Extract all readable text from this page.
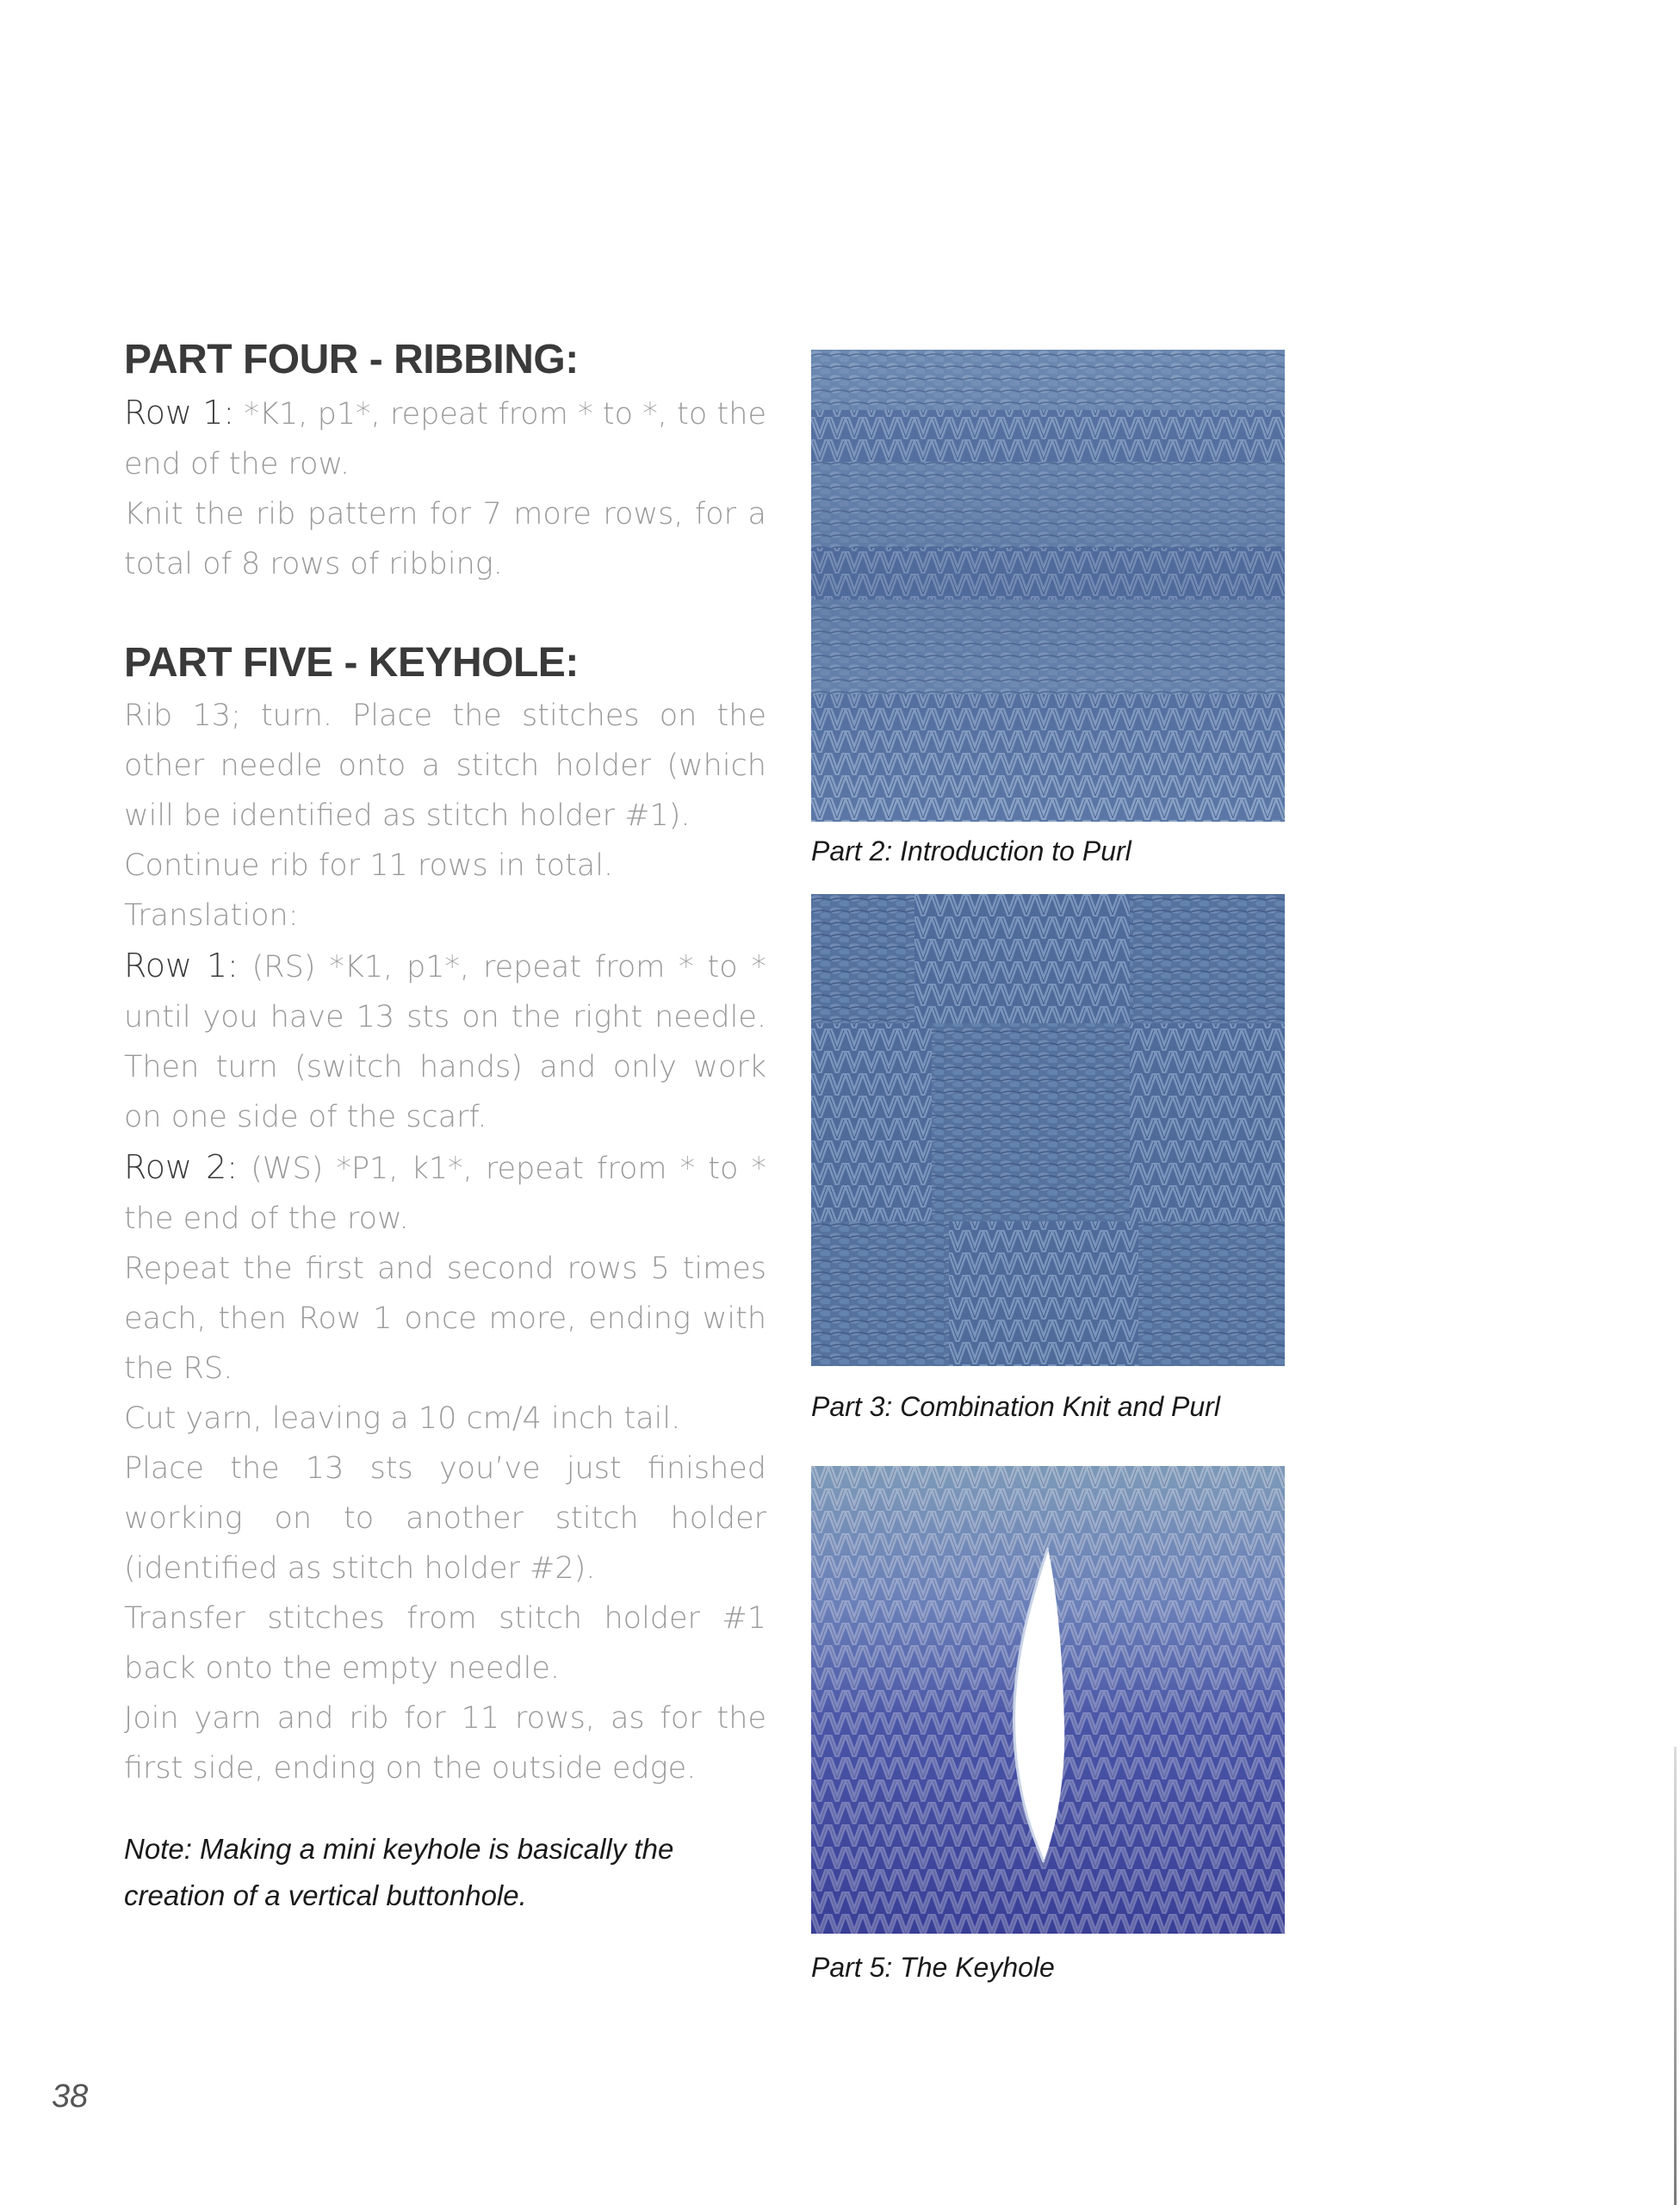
PART FOUR - RIBBING:

Row 1: *K1, p1*, repeat from * to *, to the end of the row.

Knit the rib pattern for 7 more rows, for a total of 8 rows of ribbing.

PART FIVE - KEYHOLE:

Rib 13; turn. Place the stitches on the other needle onto a stitch holder (which will be identified as stitch holder #1).

Continue rib for 11 rows in total.

Translation:

Row 1: (RS) *K1, p1*, repeat from * to * until you have 13 sts on the right needle. Then turn (switch hands) and only work on one side of the scarf.

Row 2: (WS) *P1, k1*, repeat from * to * the end of the row.

Repeat the first and second rows 5 times each, then Row 1 once more, ending with the RS.

Cut yarn, leaving a 10 cm/4 inch tail.

Place the 13 sts you’ve just finished working on to another stitch holder (identified as stitch holder #2).

Transfer stitches from stitch holder #1 back onto the empty needle.

Join yarn and rib for 11 rows, as for the first side, ending on the outside edge.

Note: Making a mini keyhole is basically the creation of a vertical buttonhole.

Part 2: Introduction to Purl

Part 3: Combination Knit and Purl

Part 5: The Keyhole

38
